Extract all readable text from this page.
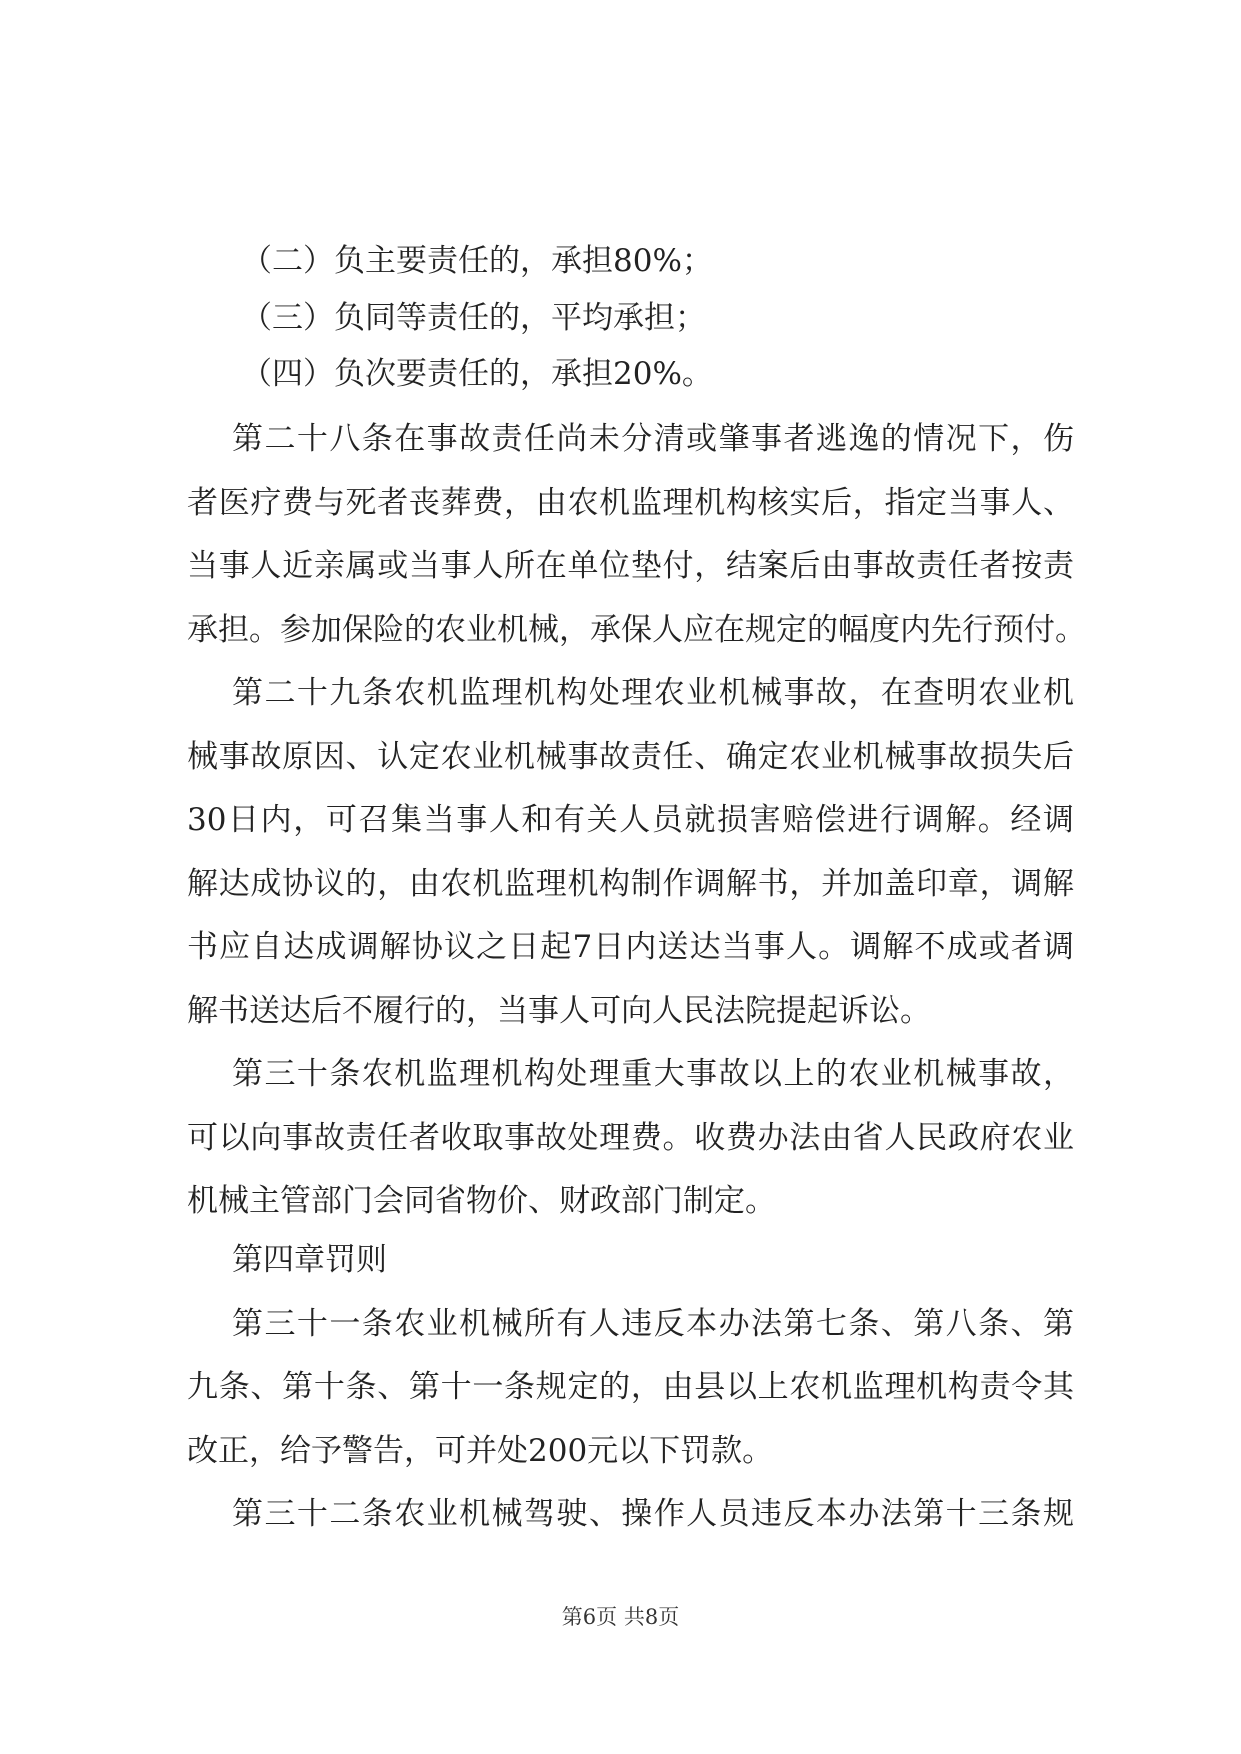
（二）负主要责任的，承担80%；
（三）负同等责任的，平均承担；
（四）负次要责任的，承担20%。
第二十八条在事故责任尚未分清或肇事者逃逸的情况下，伤
者医疗费与死者丧葬费，由农机监理机构核实后，指定当事人、
当事人近亲属或当事人所在单位垫付，结案后由事故责任者按责
承担。参加保险的农业机械，承保人应在规定的幅度内先行预付。
第二十九条农机监理机构处理农业机械事故，在查明农业机
械事故原因、认定农业机械事故责任、确定农业机械事故损失后
30日内，可召集当事人和有关人员就损害赔偿进行调解。经调
解达成协议的，由农机监理机构制作调解书，并加盖印章，调解
书应自达成调解协议之日起7日内送达当事人。调解不成或者调
解书送达后不履行的，当事人可向人民法院提起诉讼。
第三十条农机监理机构处理重大事故以上的农业机械事故，
可以向事故责任者收取事故处理费。收费办法由省人民政府农业
机械主管部门会同省物价、财政部门制定。
第四章罚则
第三十一条农业机械所有人违反本办法第七条、第八条、第
九条、第十条、第十一条规定的，由县以上农机监理机构责令其
改正，给予警告，可并处200元以下罚款。
第三十二条农业机械驾驶、操作人员违反本办法第十三条规
第6页 共8页
